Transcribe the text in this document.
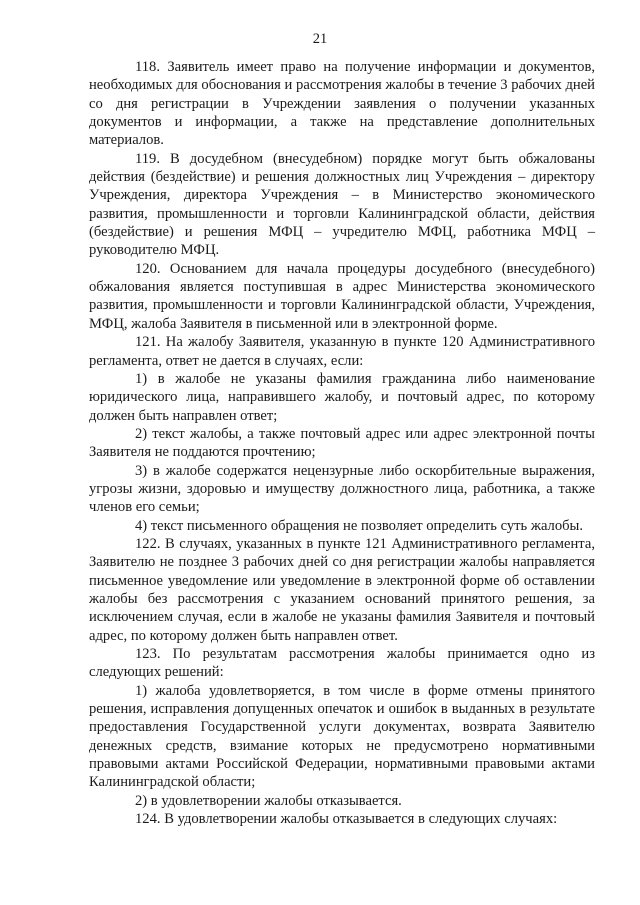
21

118. Заявитель имеет право на получение информации и документов, необходимых для обоснования и рассмотрения жалобы в течение 3 рабочих дней со дня регистрации в Учреждении заявления о получении указанных документов и информации, а также на представление дополнительных материалов.

119. В досудебном (внесудебном) порядке могут быть обжалованы действия (бездействие) и решения должностных лиц Учреждения – директору Учреждения, директора Учреждения – в Министерство экономического развития, промышленности и торговли Калининградской области, действия (бездействие) и решения МФЦ – учредителю МФЦ, работника МФЦ – руководителю МФЦ.

120. Основанием для начала процедуры досудебного (внесудебного) обжалования является поступившая в адрес Министерства экономического развития, промышленности и торговли Калининградской области, Учреждения, МФЦ, жалоба Заявителя в письменной или в электронной форме.

121. На жалобу Заявителя, указанную в пункте 120 Административного регламента, ответ не дается в случаях, если:

1) в жалобе не указаны фамилия гражданина либо наименование юридического лица, направившего жалобу, и почтовый адрес, по которому должен быть направлен ответ;

2) текст жалобы, а также почтовый адрес или адрес электронной почты Заявителя не поддаются прочтению;

3) в жалобе содержатся нецензурные либо оскорбительные выражения, угрозы жизни, здоровью и имуществу должностного лица, работника, а также членов его семьи;

4) текст письменного обращения не позволяет определить суть жалобы.

122. В случаях, указанных в пункте 121 Административного регламента, Заявителю не позднее 3 рабочих дней со дня регистрации жалобы направляется письменное уведомление или уведомление в электронной форме об оставлении жалобы без рассмотрения с указанием оснований принятого решения, за исключением случая, если в жалобе не указаны фамилия Заявителя и почтовый адрес, по которому должен быть направлен ответ.

123. По результатам рассмотрения жалобы принимается одно из следующих решений:

1) жалоба удовлетворяется, в том числе в форме отмены принятого решения, исправления допущенных опечаток и ошибок в выданных в результате предоставления Государственной услуги документах, возврата Заявителю денежных средств, взимание которых не предусмотрено нормативными правовыми актами Российской Федерации, нормативными правовыми актами Калининградской области;

2) в удовлетворении жалобы отказывается.

124. В удовлетворении жалобы отказывается в следующих случаях:
